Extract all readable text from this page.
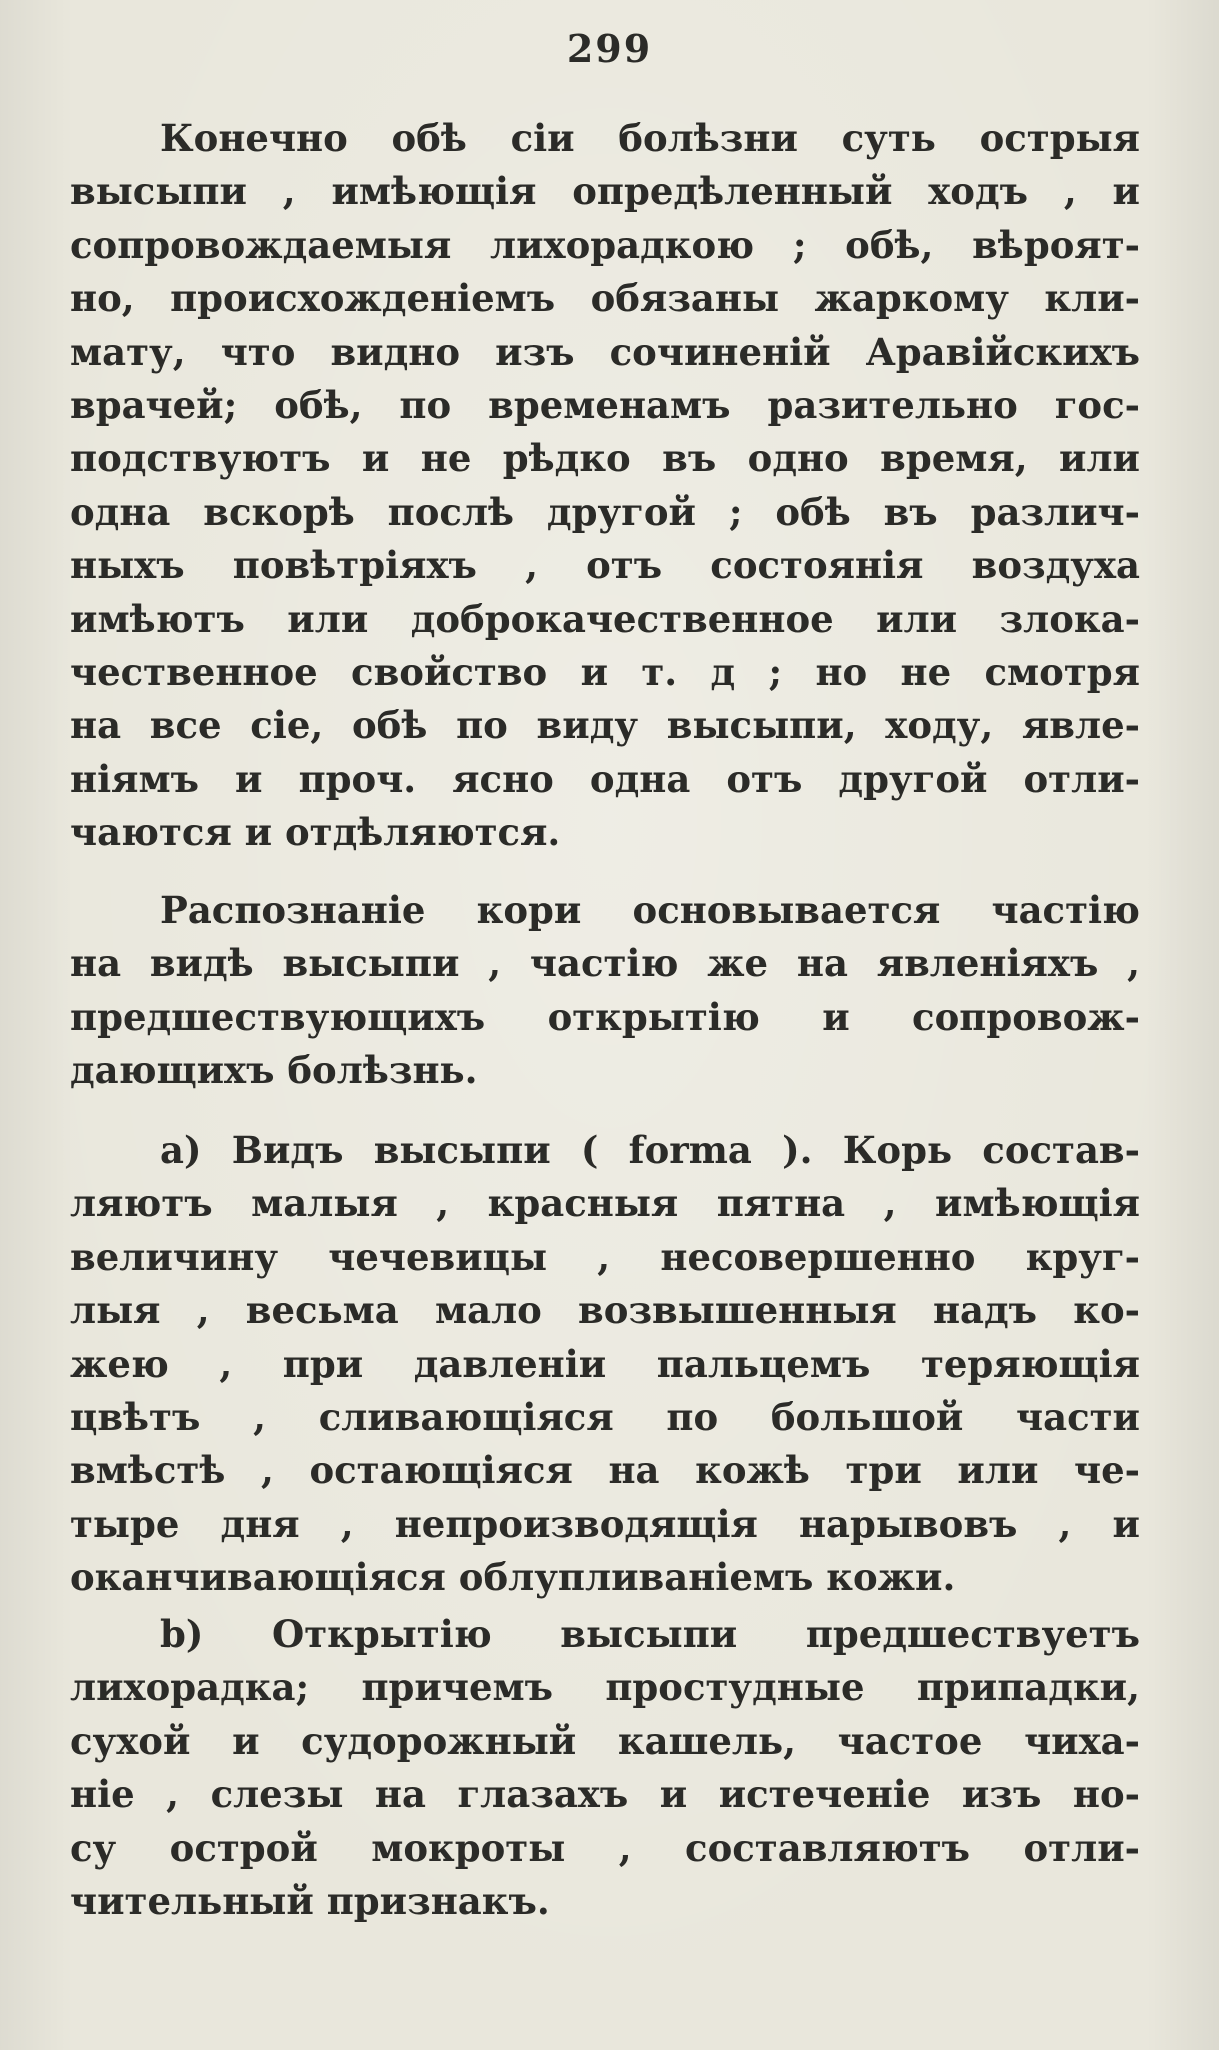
299
Конечно обѣ сіи болѣзни суть острыя
высыпи , имѣющія опредѣленный ходъ , и
сопровождаемыя лихорадкою ; обѣ, вѣроят-
но, происхожденіемъ обязаны жаркому кли-
мату, что видно изъ сочиненій Аравійскихъ
врачей; обѣ, по временамъ разительно гос-
подствуютъ и не рѣдко въ одно время, или
одна вскорѣ послѣ другой ; обѣ въ различ-
ныхъ повѣтріяхъ , отъ состоянія воздуха
имѣютъ или доброкачественное или злока-
чественное свойство и т. д ; но не смотря
на все сіе, обѣ по виду высыпи, ходу, явле-
ніямъ и проч. ясно одна отъ другой отли-
чаются и отдѣляются.
Распознаніе кори основывается частію
на видѣ высыпи , частію же на явленіяхъ ,
предшествующихъ открытію и сопровож-
дающихъ болѣзнь.
a) Видъ высыпи ( forma ). Корь состав-
ляютъ малыя , красныя пятна , имѣющія
величину чечевицы , несовершенно круг-
лыя , весьма мало возвышенныя надъ ко-
жею , при давленіи пальцемъ теряющія
цвѣтъ , сливающіяся по большой части
вмѣстѣ , остающіяся на кожѣ три или че-
тыре дня , непроизводящія нарывовъ , и
оканчивающіяся облупливаніемъ кожи.
b) Открытію высыпи предшествуетъ
лихорадка; причемъ простудные припадки,
сухой и судорожный кашель, частое чиха-
ніе , слезы на глазахъ и истеченіе изъ но-
су острой мокроты , составляютъ отли-
чительный признакъ.
